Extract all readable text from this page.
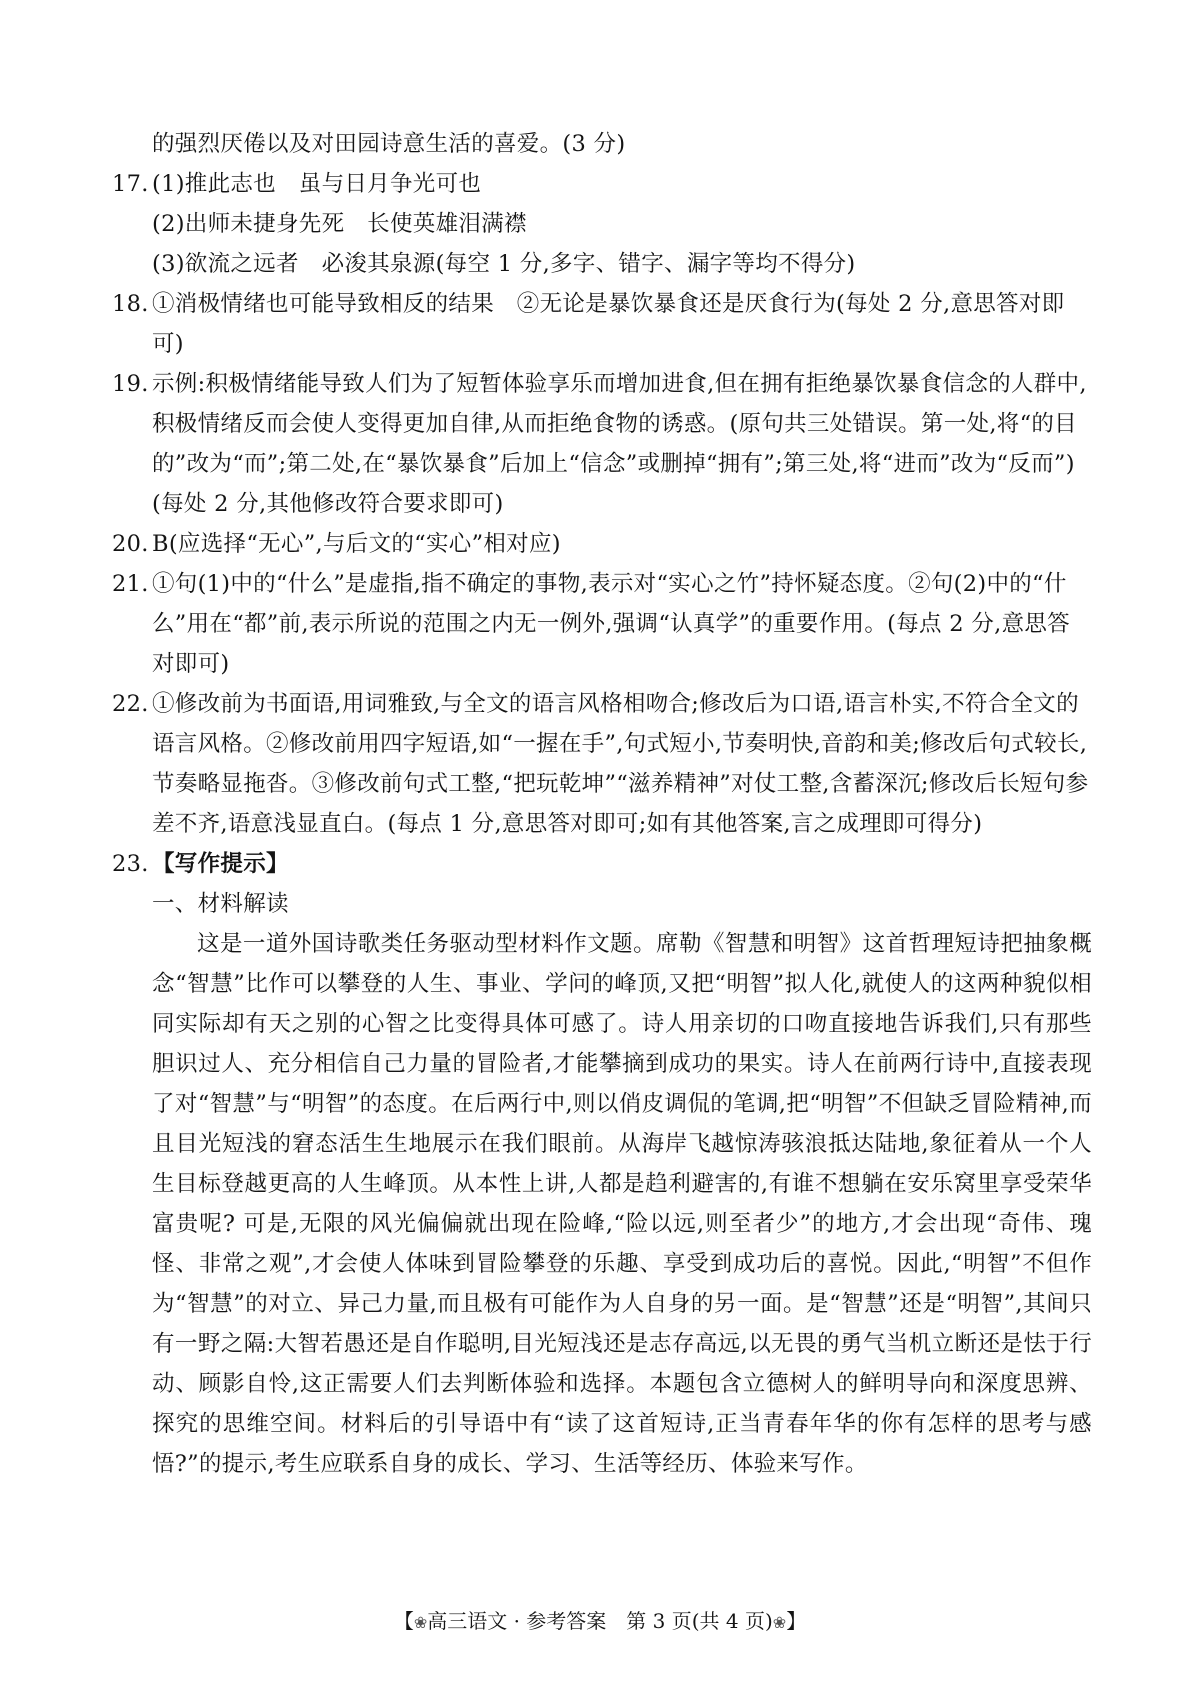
的强烈厌倦以及对田园诗意生活的喜爱。(3 分)

17. (1)推此志也　虽与日月争光可也

(2)出师未捷身先死　长使英雄泪满襟

(3)欲流之远者　必浚其泉源(每空 1 分,多字、错字、漏字等均不得分)

18. ①消极情绪也可能导致相反的结果　②无论是暴饮暴食还是厌食行为(每处 2 分,意思答对即可)

19. 示例:积极情绪能导致人们为了短暂体验享乐而增加进食,但在拥有拒绝暴饮暴食信念的人群中,积极情绪反而会使人变得更加自律,从而拒绝食物的诱惑。(原句共三处错误。第一处,将“的目的”改为“而”;第二处,在“暴饮暴食”后加上“信念”或删掉“拥有”;第三处,将“进而”改为“反而”)(每处 2 分,其他修改符合要求即可)

20. B(应选择“无心”,与后文的“实心”相对应)

21. ①句(1)中的“什么”是虚指,指不确定的事物,表示对“实心之竹”持怀疑态度。②句(2)中的“什么”用在“都”前,表示所说的范围之内无一例外,强调“认真学”的重要作用。(每点 2 分,意思答对即可)

22. ①修改前为书面语,用词雅致,与全文的语言风格相吻合;修改后为口语,语言朴实,不符合全文的语言风格。②修改前用四字短语,如“一握在手”,句式短小,节奏明快,音韵和美;修改后句式较长,节奏略显拖沓。③修改前句式工整,“把玩乾坤”“滋养精神”对仗工整,含蓄深沉;修改后长短句参差不齐,语意浅显直白。(每点 1 分,意思答对即可;如有其他答案,言之成理即可得分)

23. 【写作提示】

一、材料解读

这是一道外国诗歌类任务驱动型材料作文题。席勒《智慧和明智》这首哲理短诗把抽象概念“智慧”比作可以攀登的人生、事业、学问的峰顶,又把“明智”拟人化,就使人的这两种貌似相同实际却有天之别的心智之比变得具体可感了。诗人用亲切的口吻直接地告诉我们,只有那些胆识过人、充分相信自己力量的冒险者,才能攀摘到成功的果实。诗人在前两行诗中,直接表现了对“智慧”与“明智”的态度。在后两行中,则以俏皮调侃的笔调,把“明智”不但缺乏冒险精神,而且目光短浅的窘态活生生地展示在我们眼前。从海岸飞越惊涛骇浪抵达陆地,象征着从一个人生目标登越更高的人生峰顶。从本性上讲,人都是趋利避害的,有谁不想躺在安乐窝里享受荣华富贵呢? 可是,无限的风光偏偏就出现在险峰,“险以远,则至者少”的地方,才会出现“奇伟、瑰怪、非常之观”,才会使人体味到冒险攀登的乐趣、享受到成功后的喜悦。因此,“明智”不但作为“智慧”的对立、异己力量,而且极有可能作为人自身的另一面。是“智慧”还是“明智”,其间只有一野之隔:大智若愚还是自作聪明,目光短浅还是志存高远,以无畏的勇气当机立断还是怯于行动、顾影自怜,这正需要人们去判断体验和选择。本题包含立德树人的鲜明导向和深度思辨、探究的思维空间。材料后的引导语中有“读了这首短诗,正当青春年华的你有怎样的思考与感悟?”的提示,考生应联系自身的成长、学习、生活等经历、体验来写作。

【❀高三语文 · 参考答案　第 3 页(共 4 页)❀】
